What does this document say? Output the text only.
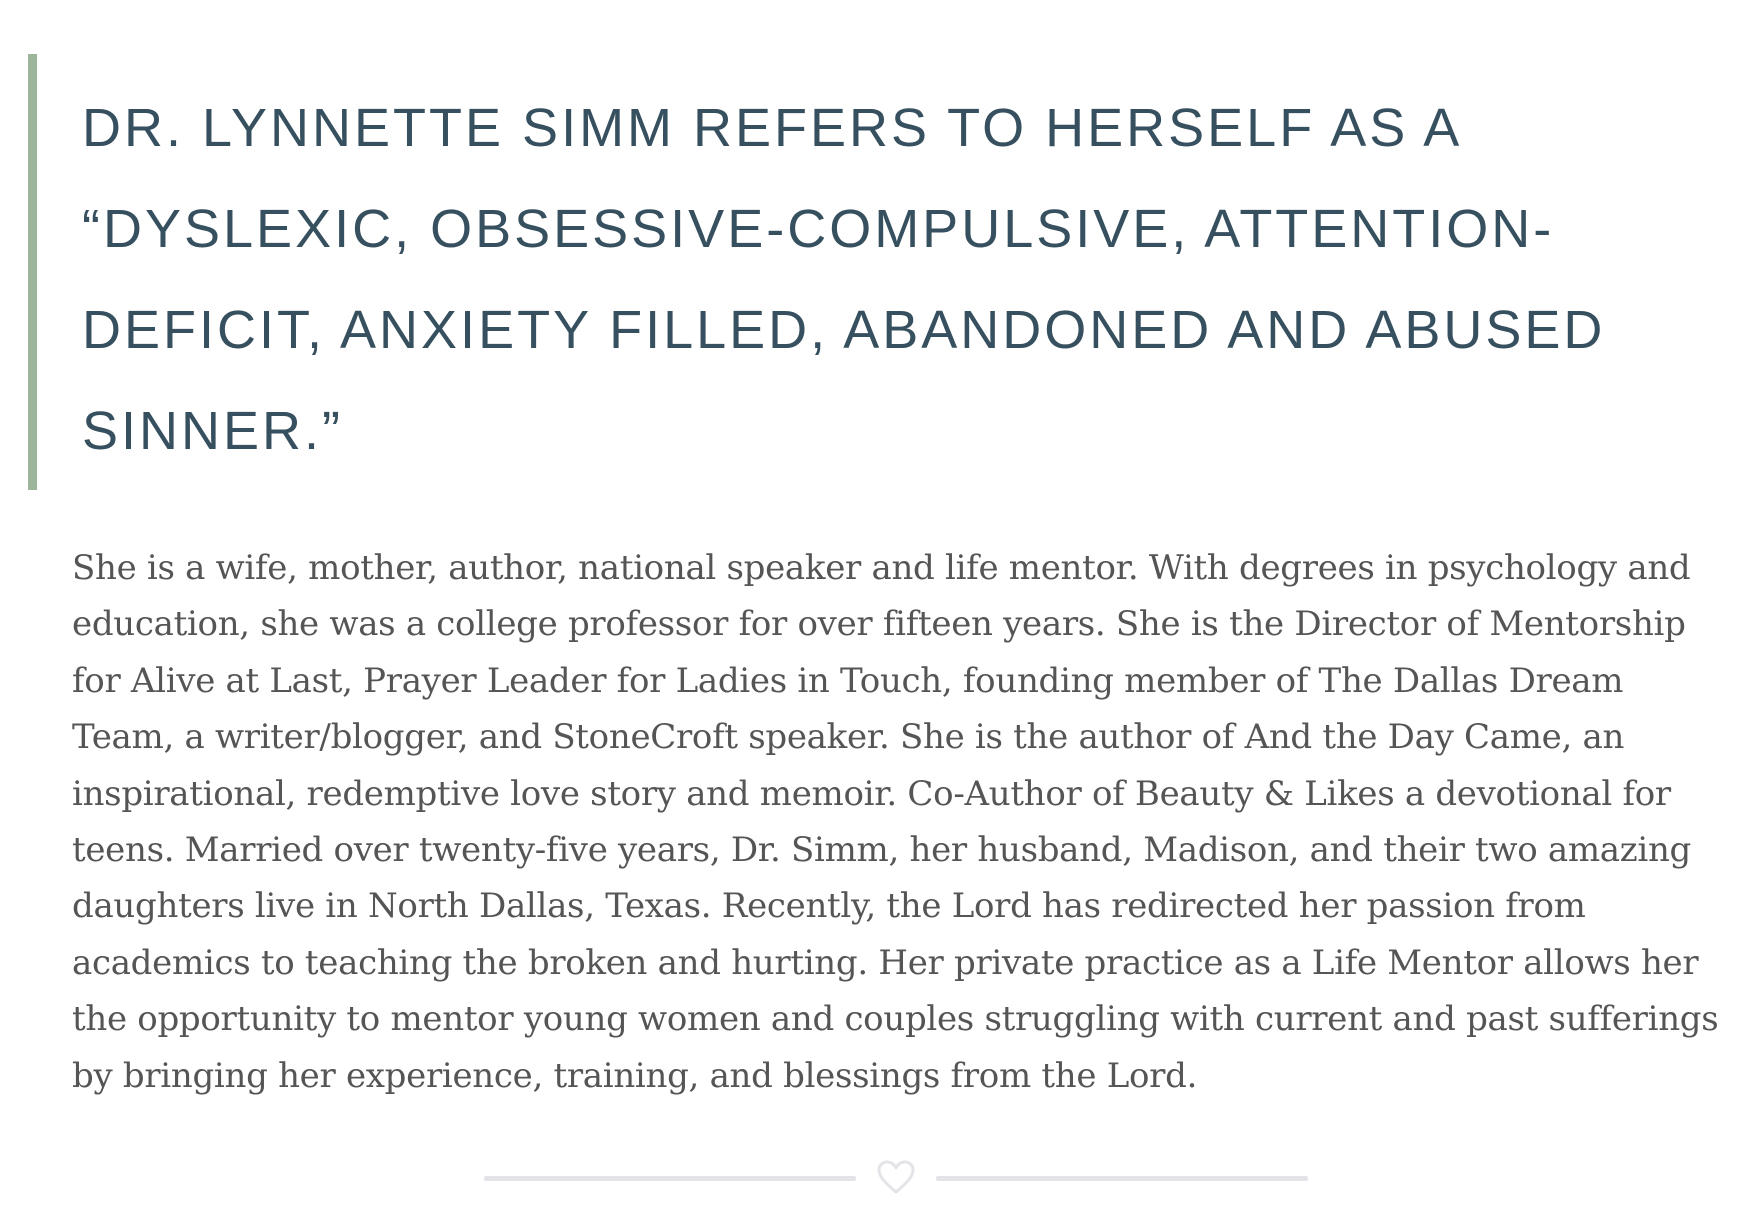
DR. LYNNETTE SIMM REFERS TO HERSELF AS A “DYSLEXIC, OBSESSIVE-COMPULSIVE, ATTENTION-DEFICIT, ANXIETY FILLED, ABANDONED AND ABUSED SINNER.”

She is a wife, mother, author, national speaker and life mentor. With degrees in psychology and education, she was a college professor for over fifteen years. She is the Director of Mentorship for Alive at Last, Prayer Leader for Ladies in Touch, founding member of The Dallas Dream Team, a writer/blogger, and StoneCroft speaker. She is the author of And the Day Came, an inspirational, redemptive love story and memoir. Co-Author of Beauty & Likes a devotional for teens. Married over twenty-five years, Dr. Simm, her husband, Madison, and their two amazing daughters live in North Dallas, Texas. Recently, the Lord has redirected her passion from academics to teaching the broken and hurting. Her private practice as a Life Mentor allows her the opportunity to mentor young women and couples struggling with current and past sufferings by bringing her experience, training, and blessings from the Lord.
